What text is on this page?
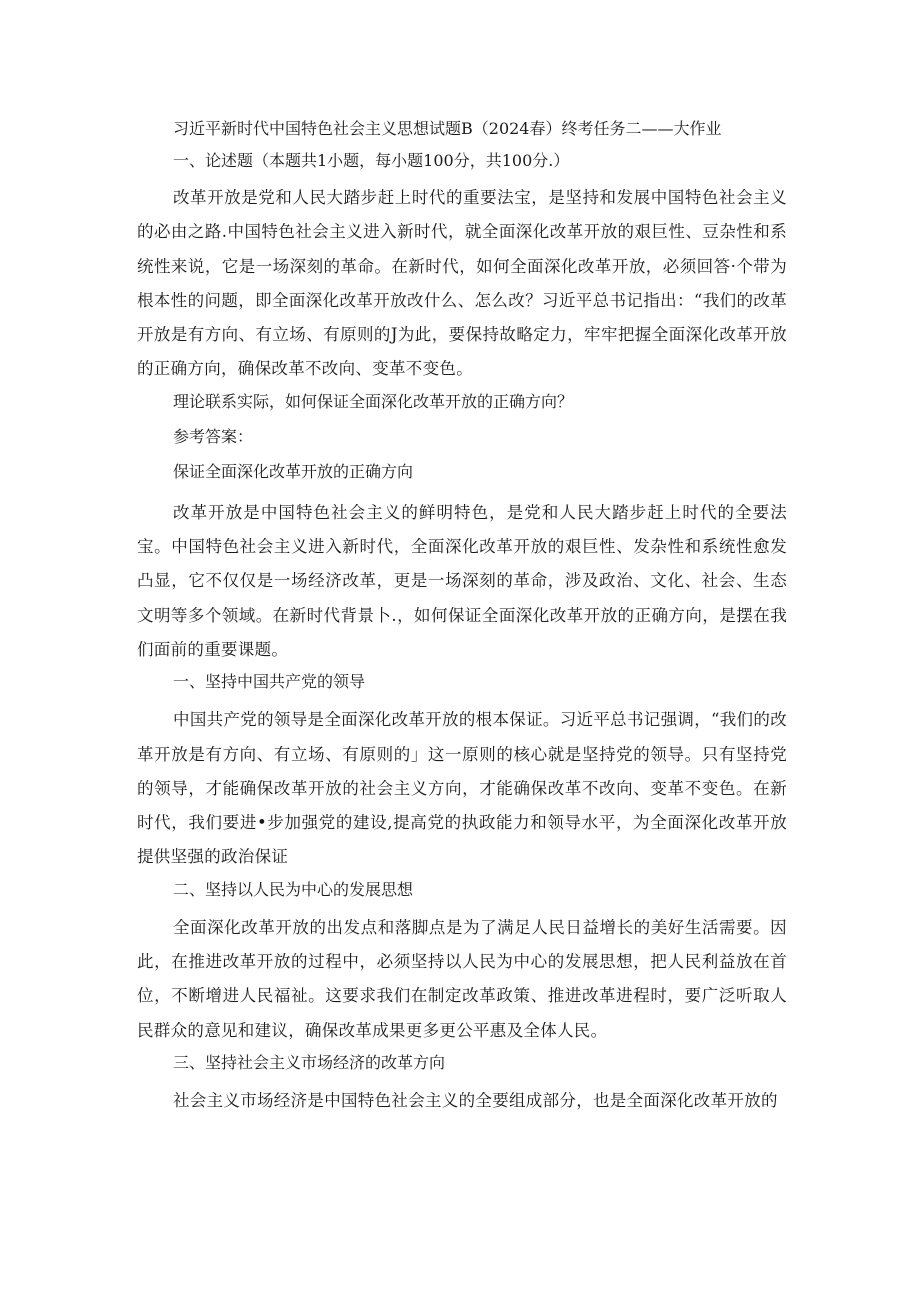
习近平新时代中国特色社会主义思想试题B（2024春）终考任务二——大作业

一、论述题（本题共1小题，每小题100分，共100分.）

改革开放是党和人民大踏步赶上时代的重要法宝，是坚持和发展中国特色社会主义的必由之路.中国特色社会主义进入新时代，就全面深化改革开放的艰巨性、豆杂性和系统性来说，它是一场深刻的革命。在新时代，如何全面深化改革开放，必须回答·个带为根本性的问题，即全面深化改革开放改什么、怎么改？习近平总书记指出：“我们的改革开放是有方向、有立场、有原则的J为此，要保持故略定力，牢牢把握全面深化改革开放的正确方向，确保改革不改向、变革不变色。

理论联系实际，如何保证全面深化改革开放的正确方向？

参考答案：

保证全面深化改革开放的正确方向

改革开放是中国特色社会主义的鲜明特色，是党和人民大踏步赶上时代的全要法宝。中国特色社会主义进入新时代，全面深化改革开放的艰巨性、发杂性和系统性愈发凸显，它不仅仅是一场经济改革，更是一场深刻的革命，涉及政治、文化、社会、生态文明等多个领域。在新时代背景卜.，如何保证全面深化改革开放的正确方向，是摆在我们面前的重要课题。

一、坚持中国共产党的领导

中国共产党的领导是全面深化改革开放的根本保证。习近平总书记强调，“我们的改革开放是有方向、有立场、有原则的」这一原则的核心就是坚持党的领导。只有坚持党的领导，才能确保改革开放的社会主义方向，才能确保改革不改向、变革不变色。在新时代，我们要进•步加强党的建设,提高党的执政能力和领导水平，为全面深化改革开放提供坚强的政治保证

二、坚持以人民为中心的发展思想

全面深化改革开放的出发点和落脚点是为了满足人民日益增长的美好生活需要。因此，在推进改革开放的过程中，必须坚持以人民为中心的发展思想，把人民利益放在首位，不断增进人民福祉。这要求我们在制定改革政策、推进改革进程时，要广泛听取人民群众的意见和建议，确保改革成果更多更公平惠及全体人民。

三、坚持社会主义市场经济的改革方向

社会主义市场经济是中国特色社会主义的全要组成部分，也是全面深化改革开放的
